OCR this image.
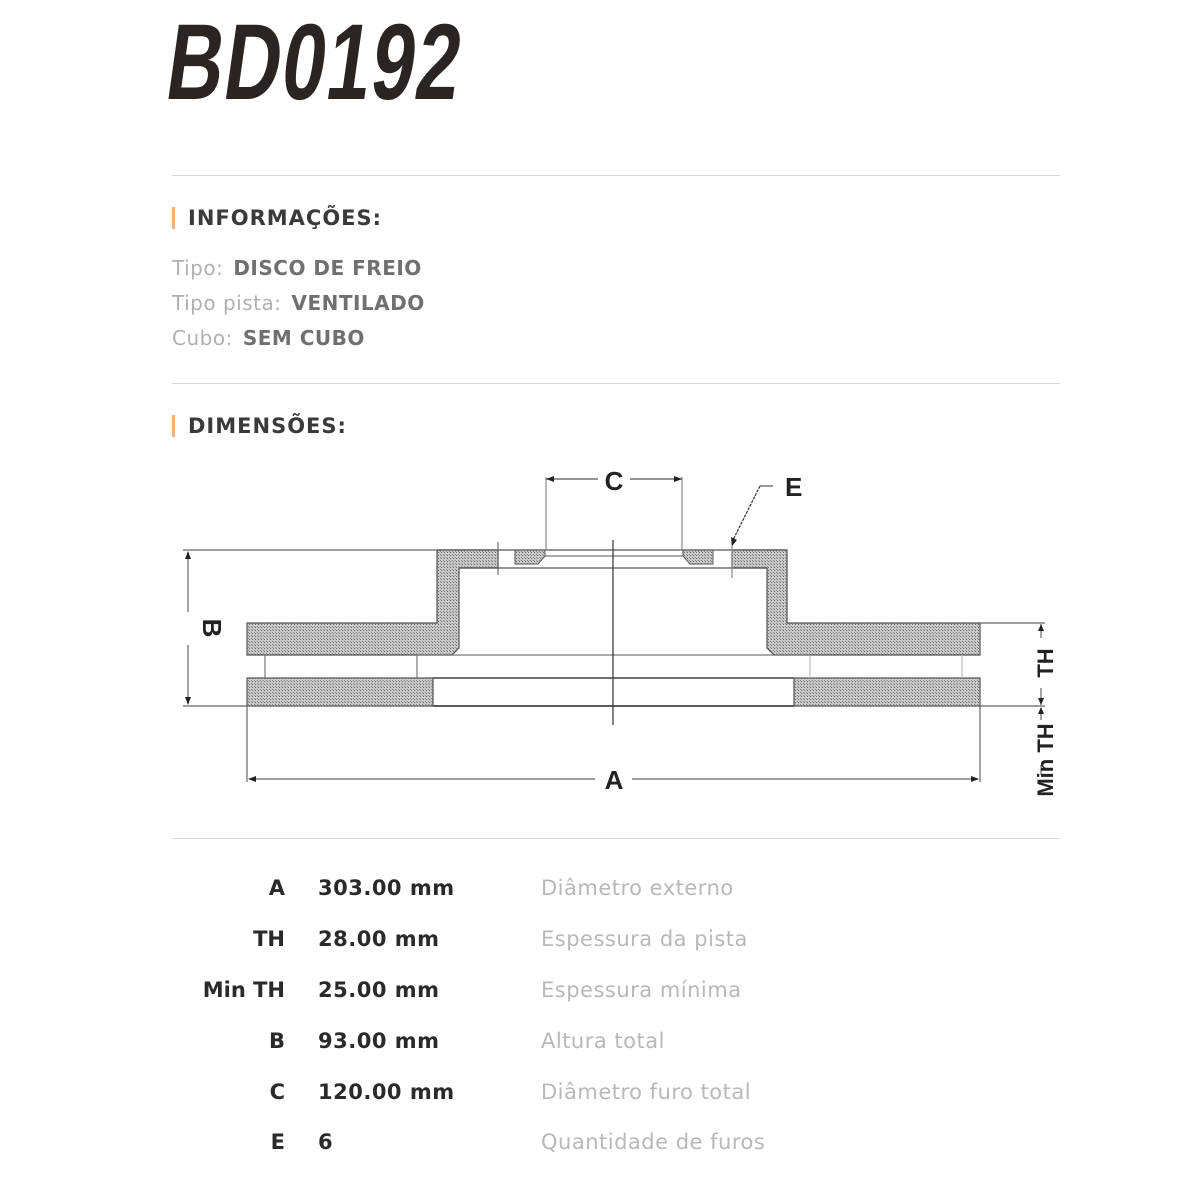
BD0192
INFORMAÇÕES:
Tipo: DISCO DE FREIO
Tipo pista: VENTILADO
Cubo: SEM CUBO
DIMENSÕES:
C	E
B
A
TH
Min TH
A 303.00 mm	Diâmetro externo
TH 28.00 mm	Espessura da pista
Min TH 25.00 mm	Espessura mínima
B 93.00 mm	Altura total
C 120.00 mm	Diâmetro furo total
E 6	Quantidade de furos
